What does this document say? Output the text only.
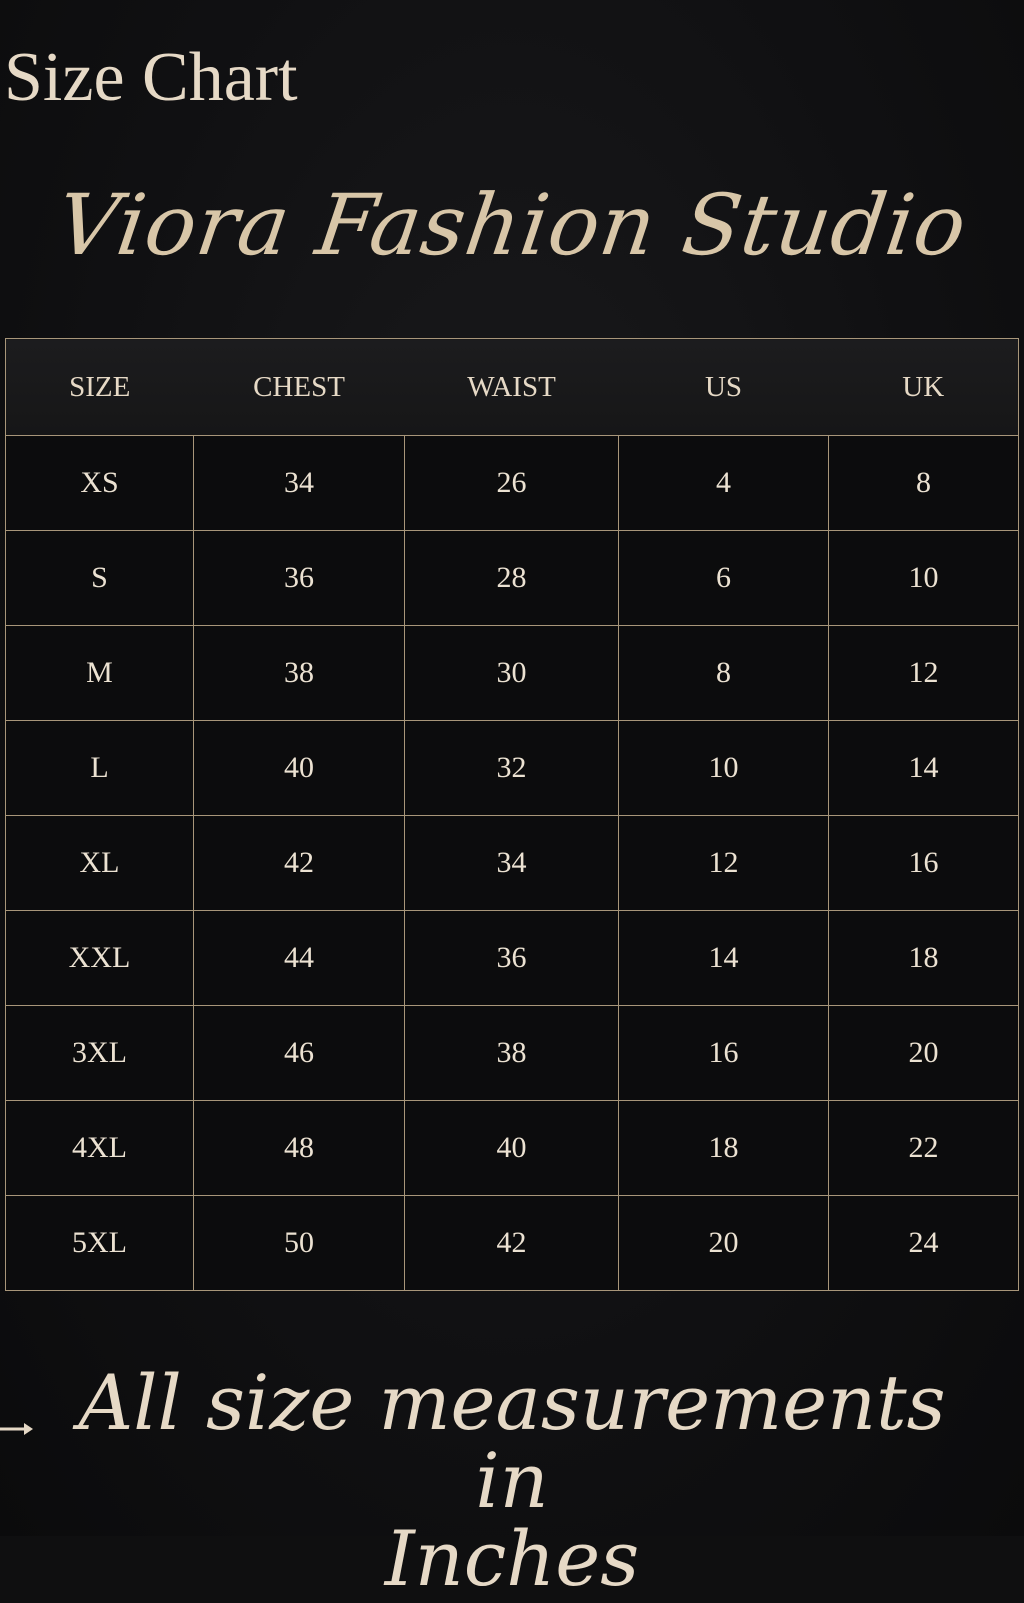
Size Chart
Viora Fashion Studio
SIZE	CHEST	WAIST	US	UK
XS	34	26	4	8
S	36	28	6	10
M	38	30	8	12
L	40	32	10	14
XL	42	34	12	16
XXL	44	36	14	18
3XL	46	38	16	20
4XL	48	40	18	22
5XL	50	42	20	24
All size measurements in
Inches
